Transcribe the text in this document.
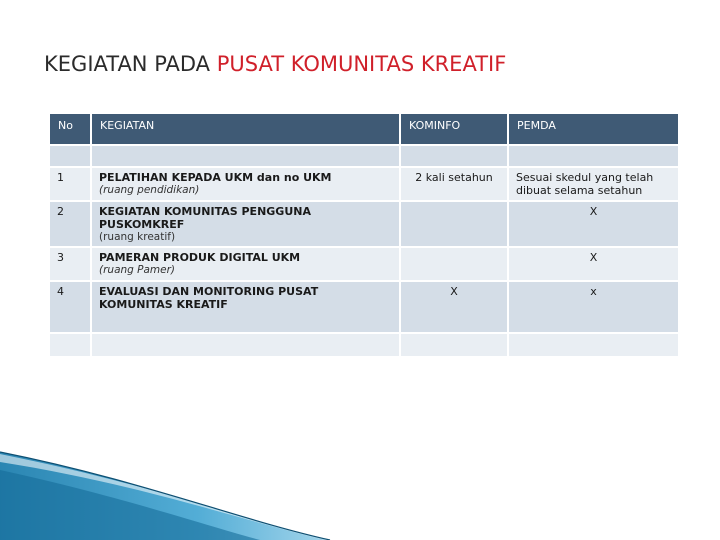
KEGIATAN PADA PUSAT KOMUNITAS KREATIF
No	KEGIATAN	KOMINFO	PEMDA

1	PELATIHAN KEPADA UKM dan no UKM
(ruang pendidikan)	2 kali setahun	Sesuai skedul yang telah dibuat selama setahun
2	KEGIATAN KOMUNITAS PENGGUNA PUSKOMKREF
(ruang kreatif)		X
3	PAMERAN PRODUK DIGITAL UKM
(ruang Pamer)		X
4	EVALUASI DAN MONITORING PUSAT KOMUNITAS KREATIF	X	x
